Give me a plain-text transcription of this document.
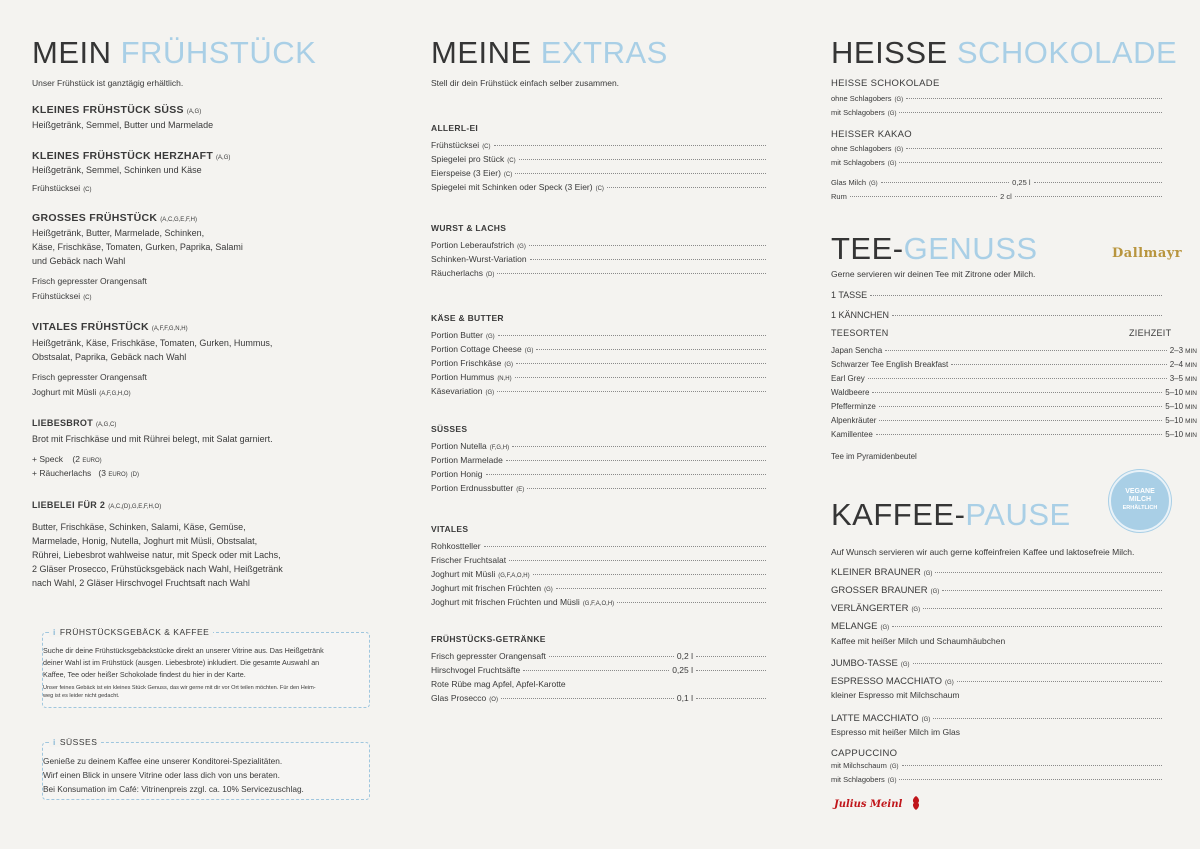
MEIN FRÜHSTÜCK
Unser Frühstück ist ganztägig erhältlich.
KLEINES FRÜHSTÜCK SÜSS (A,G)
Heißgetränk, Semmel, Butter und Marmelade
KLEINES FRÜHSTÜCK HERZHAFT (A,G)
Heißgetränk, Semmel, Schinken und Käse
Frühstücksei (C)
GROSSES FRÜHSTÜCK (A,C,G,E,F,H)
Heißgetränk, Butter, Marmelade, Schinken,
Käse, Frischkäse, Tomaten, Gurken, Paprika, Salami
und Gebäck nach Wahl
Frisch gepresster Orangensaft
Frühstücksei (C)
VITALES FRÜHSTÜCK (A,F,F,G,N,H)
Heißgetränk, Käse, Frischkäse, Tomaten, Gurken, Hummus,
Obstsalat, Paprika, Gebäck nach Wahl
Frisch gepresster Orangensaft
Joghurt mit Müsli (A,F,G,H,O)
LIEBESBROT (A,G,C)
Brot mit Frischkäse und mit Rührei belegt, mit Salat garniert.
+ Speck (2 EURO)
+ Räucherlachs (3 EURO) (D)
LIEBELEI FÜR 2 (A,C,(D),G,E,F,H,O)
Butter, Frischkäse, Schinken, Salami, Käse, Gemüse,
Marmelade, Honig, Nutella, Joghurt mit Müsli, Obstsalat,
Rührei, Liebesbrot wahlweise natur, mit Speck oder mit Lachs,
2 Gläser Prosecco, Frühstücksgebäck nach Wahl, Heißgetränk
nach Wahl, 2 Gläser Hirschvogel Fruchtsaft nach Wahl
i FRÜHSTÜCKSGEBÄCK & KAFFEE
Suche dir deine Frühstücksgebäckstücke direkt an unserer Vitrine aus. Das Heißgetränk
deiner Wahl ist im Frühstück (ausgen. Liebesbrote) inkludiert. Die gesamte Auswahl an
Kaffee, Tee oder heißer Schokolade findest du hier in der Karte.
Unser feines Gebäck ist ein kleines Stück Genuss, das wir gerne mit dir vor Ort teilen möchten. Für den Heim-
weg ist es leider nicht gedacht.
i SÜSSES
Genieße zu deinem Kaffee eine unserer Konditorei-Spezialitäten.
Wirf einen Blick in unsere Vitrine oder lass dich von uns beraten.
Bei Konsumation im Café: Vitrinenpreis zzgl. ca. 10% Servicezuschlag.
MEINE EXTRAS
Stell dir dein Frühstück einfach selber zusammen.
ALLERL-EI
Frühstücksei (C)
Spiegelei pro Stück (C)
Eierspeise (3 Eier) (C)
Spiegelei mit Schinken oder Speck (3 Eier) (C)
WURST & LACHS
Portion Leberaufstrich (G)
Schinken-Wurst-Variation
Räucherlachs (D)
KÄSE & BUTTER
Portion Butter (G)
Portion Cottage Cheese (G)
Portion Frischkäse (G)
Portion Hummus (N,H)
Käsevariation (G)
SÜSSES
Portion Nutella (F,G,H)
Portion Marmelade
Portion Honig
Portion Erdnussbutter (E)
VITALES
Rohkostteller
Frischer Fruchtsalat
Joghurt mit Müsli (G,F,A,O,H)
Joghurt mit frischen Früchten (G)
Joghurt mit frischen Früchten und Müsli (G,F,A,O,H)
FRÜHSTÜCKS-GETRÄNKE
Frisch gepresster Orangensaft	0,2 l
Hirschvogel Fruchtsäfte	0,25 l
Rote Rübe mag Apfel, Apfel-Karotte
Glas Prosecco (O)	0,1 l
HEISSE SCHOKOLADE
HEISSE SCHOKOLADE
ohne Schlagobers (G)
mit Schlagobers (G)
HEISSER KAKAO
ohne Schlagobers (G)
mit Schlagobers (G)
Glas Milch (G)	0,25 l
Rum	2 cl
TEE-GENUSS
Gerne servieren wir deinen Tee mit Zitrone oder Milch.
1 TASSE
1 KÄNNCHEN
TEESORTEN	ZIEHZEIT
Japan Sencha	2–3 MIN
Schwarzer Tee English Breakfast	2–4 MIN
Earl Grey	3–5 MIN
Waldbeere	5–10 MIN
Pfefferminze	5–10 MIN
Alpenkräuter	5–10 MIN
Kamillentee	5–10 MIN
Tee im Pyramidenbeutel
KAFFEE-PAUSE
Auf Wunsch servieren wir auch gerne koffeinfreien Kaffee und laktosefreie Milch.
KLEINER BRAUNER (G)
GROSSER BRAUNER (G)
VERLÄNGERTER (G)
MELANGE (G)
Kaffee mit heißer Milch und Schaumhäubchen
JUMBO-TASSE (G)
ESPRESSO MACCHIATO (G)
kleiner Espresso mit Milchschaum
LATTE MACCHIATO (G)
Espresso mit heißer Milch im Glas
CAPPUCCINO
mit Milchschaum (G)
mit Schlagobers (G)
Dallmayr
VEGANE
MILCH
ERHÄLTLICH
Julius Meinl
